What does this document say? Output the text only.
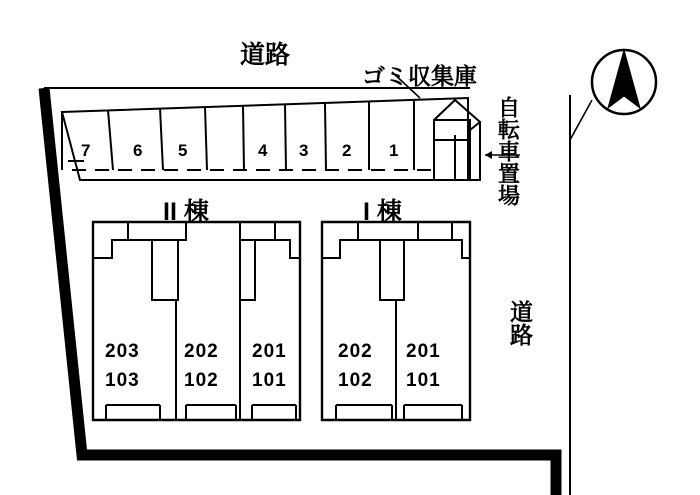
道路
道路
ゴミ収集庫
自転車置場
II 棟	I 棟
7	6 5	4 3 2 1
203
103
202
102
201
101
202
102
201
101
